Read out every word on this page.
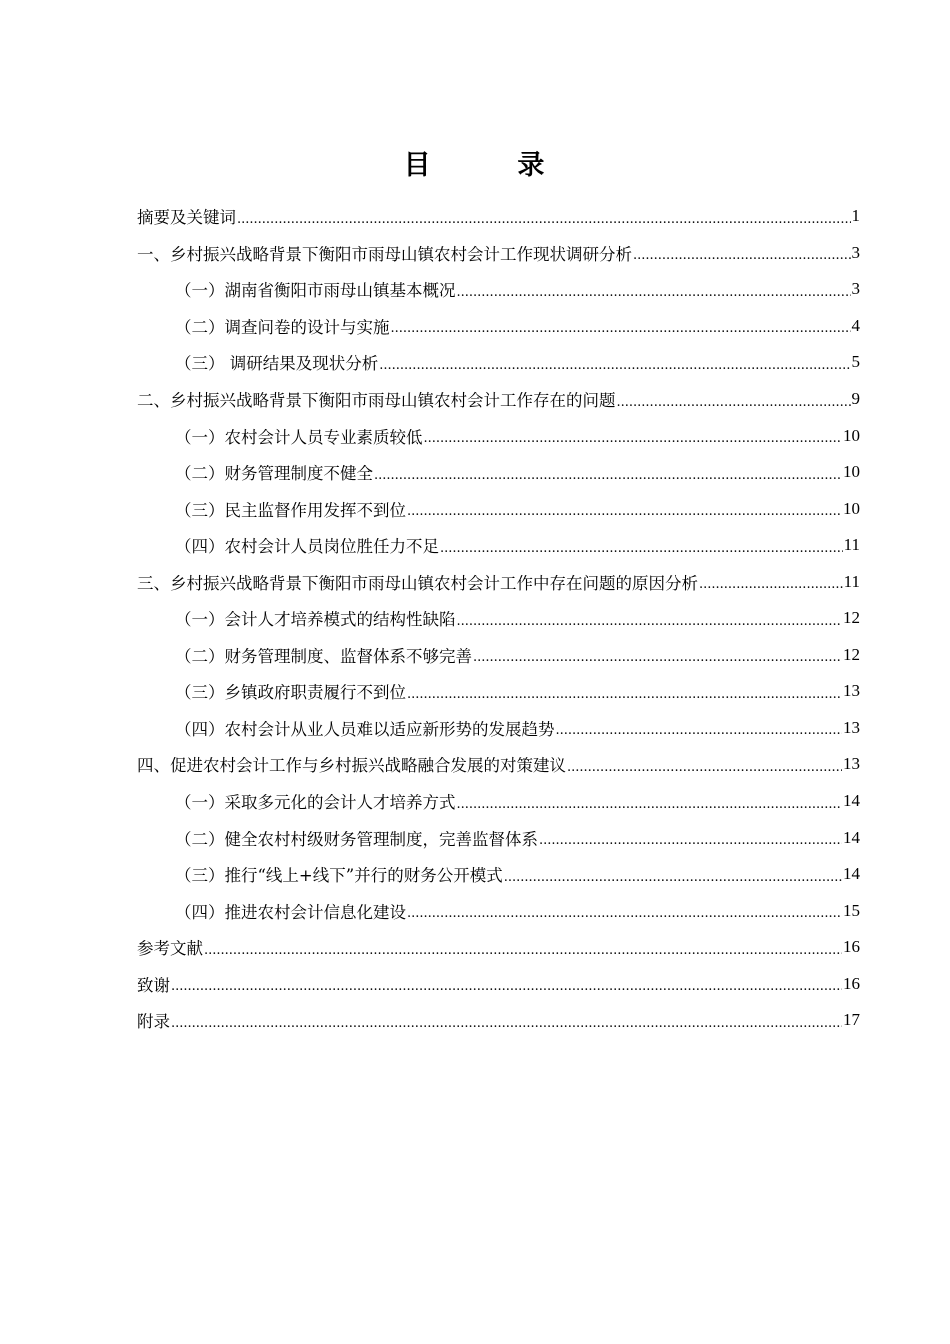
目	录
摘要及关键词 .....	1
一、乡村振兴战略背景下衡阳市雨母山镇农村会计工作现状调研分析 .....	3
（一）湖南省衡阳市雨母山镇基本概况 .....	3
（二）调查问卷的设计与实施 .....	4
（三） 调研结果及现状分析 .....	5
二、乡村振兴战略背景下衡阳市雨母山镇农村会计工作存在的问题 .....	9
（一）农村会计人员专业素质较低 .....	10
（二）财务管理制度不健全 .....	10
（三）民主监督作用发挥不到位 .....	10
（四）农村会计人员岗位胜任力不足 .....	11
三、乡村振兴战略背景下衡阳市雨母山镇农村会计工作中存在问题的原因分析 .....	11
（一）会计人才培养模式的结构性缺陷 .....	12
（二）财务管理制度、监督体系不够完善 .....	12
（三）乡镇政府职责履行不到位 .....	13
（四）农村会计从业人员难以适应新形势的发展趋势 .....	13
四、促进农村会计工作与乡村振兴战略融合发展的对策建议 .....	13
（一）采取多元化的会计人才培养方式 .....	14
（二）健全农村村级财务管理制度，完善监督体系 .....	14
（三）推行“线上+线下”并行的财务公开模式 .....	14
（四）推进农村会计信息化建设 .....	15
参考文献 .....	16
致谢 .....	16
附录 .....	17
